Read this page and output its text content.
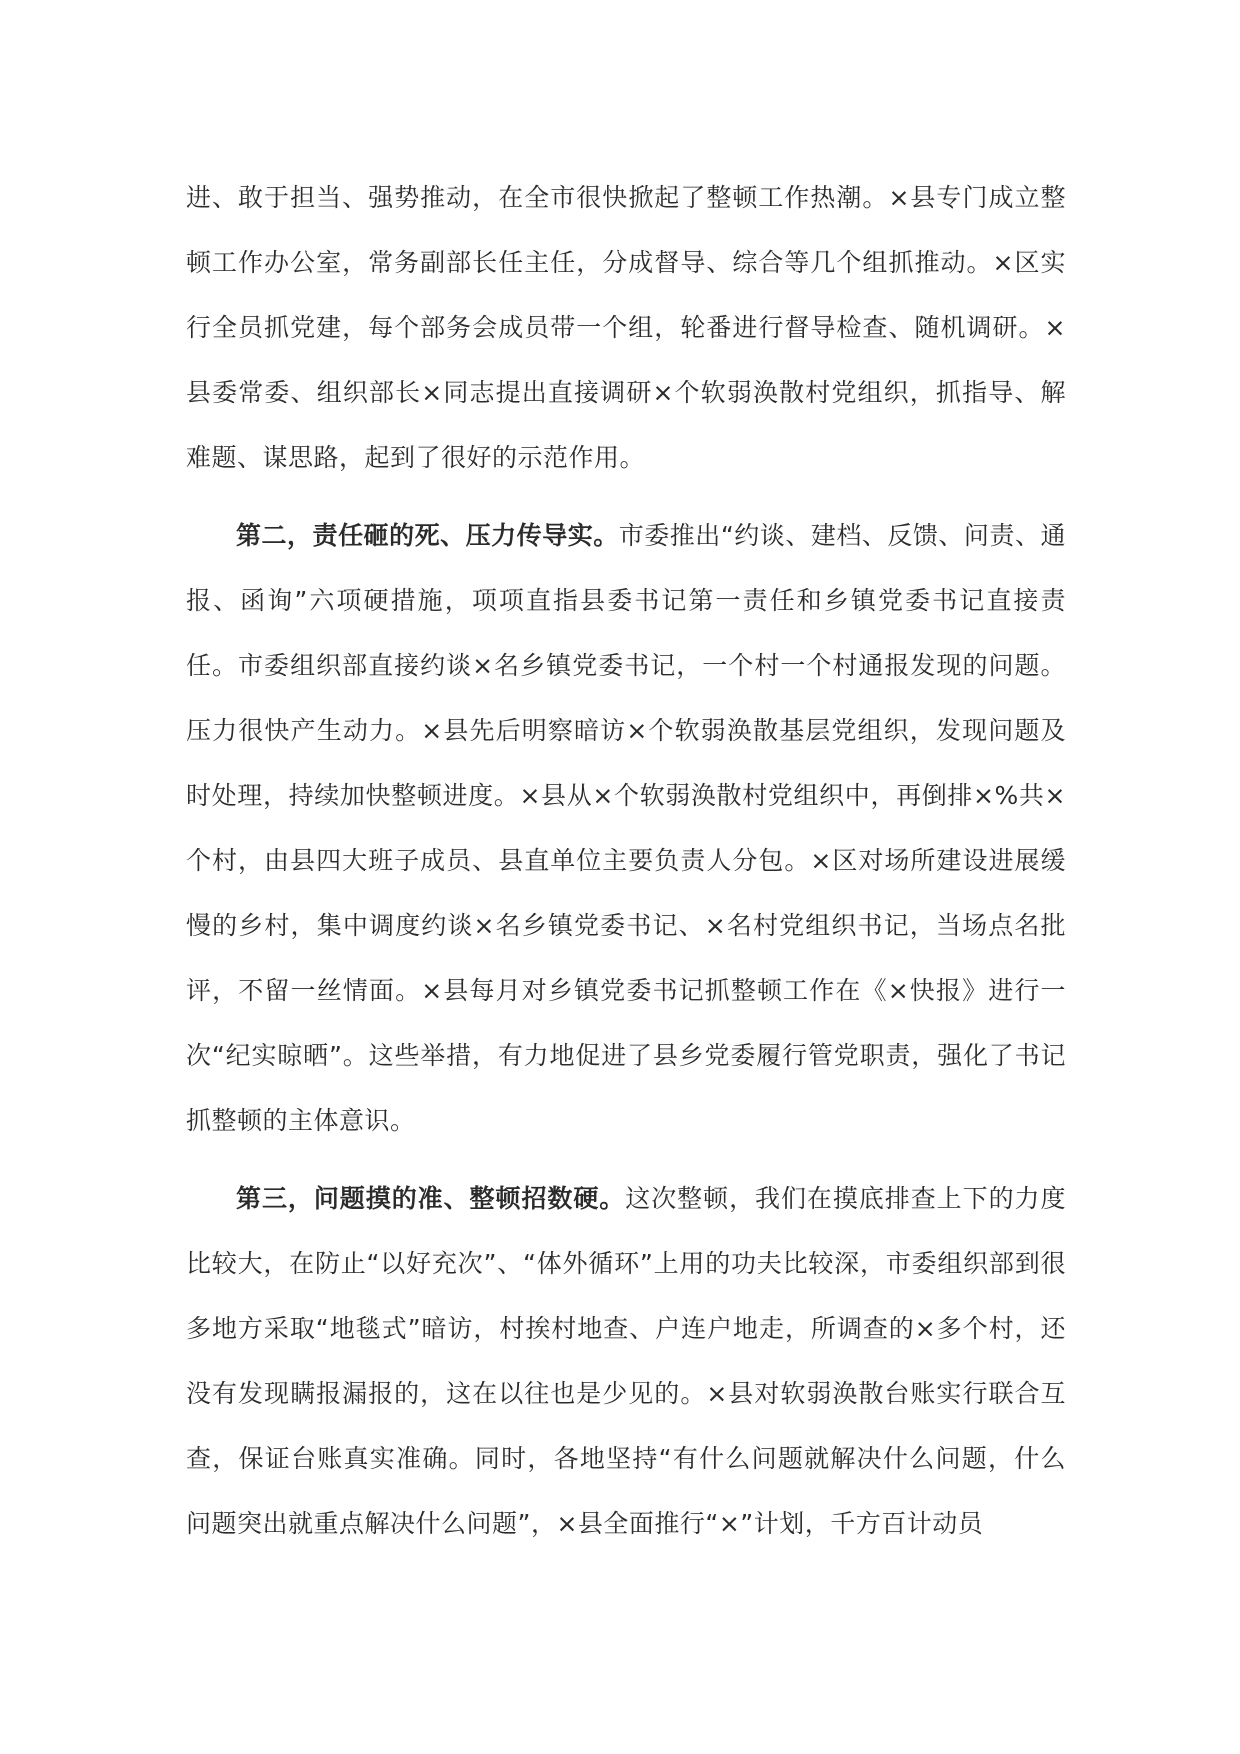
进、敢于担当、强势推动，在全市很快掀起了整顿工作热潮。×县专门成立整顿工作办公室，常务副部长任主任，分成督导、综合等几个组抓推动。×区实行全员抓党建，每个部务会成员带一个组，轮番进行督导检查、随机调研。×县委常委、组织部长×同志提出直接调研×个软弱涣散村党组织，抓指导、解难题、谋思路，起到了很好的示范作用。

第二，责任砸的死、压力传导实。市委推出“约谈、建档、反馈、问责、通报、函询”六项硬措施，项项直指县委书记第一责任和乡镇党委书记直接责任。市委组织部直接约谈×名乡镇党委书记，一个村一个村通报发现的问题。压力很快产生动力。×县先后明察暗访×个软弱涣散基层党组织，发现问题及时处理，持续加快整顿进度。×县从×个软弱涣散村党组织中，再倒排×%共×个村，由县四大班子成员、县直单位主要负责人分包。×区对场所建设进展缓慢的乡村，集中调度约谈×名乡镇党委书记、×名村党组织书记，当场点名批评，不留一丝情面。×县每月对乡镇党委书记抓整顿工作在《×快报》进行一次“纪实晾晒”。这些举措，有力地促进了县乡党委履行管党职责，强化了书记抓整顿的主体意识。

第三，问题摸的准、整顿招数硬。这次整顿，我们在摸底排查上下的力度比较大，在防止“以好充次”、“体外循环”上用的功夫比较深，市委组织部到很多地方采取“地毯式”暗访，村挨村地查、户连户地走，所调查的×多个村，还没有发现瞒报漏报的，这在以往也是少见的。×县对软弱涣散台账实行联合互查，保证台账真实准确。同时，各地坚持“有什么问题就解决什么问题，什么问题突出就重点解决什么问题”，×县全面推行“×”计划，千方百计动员
